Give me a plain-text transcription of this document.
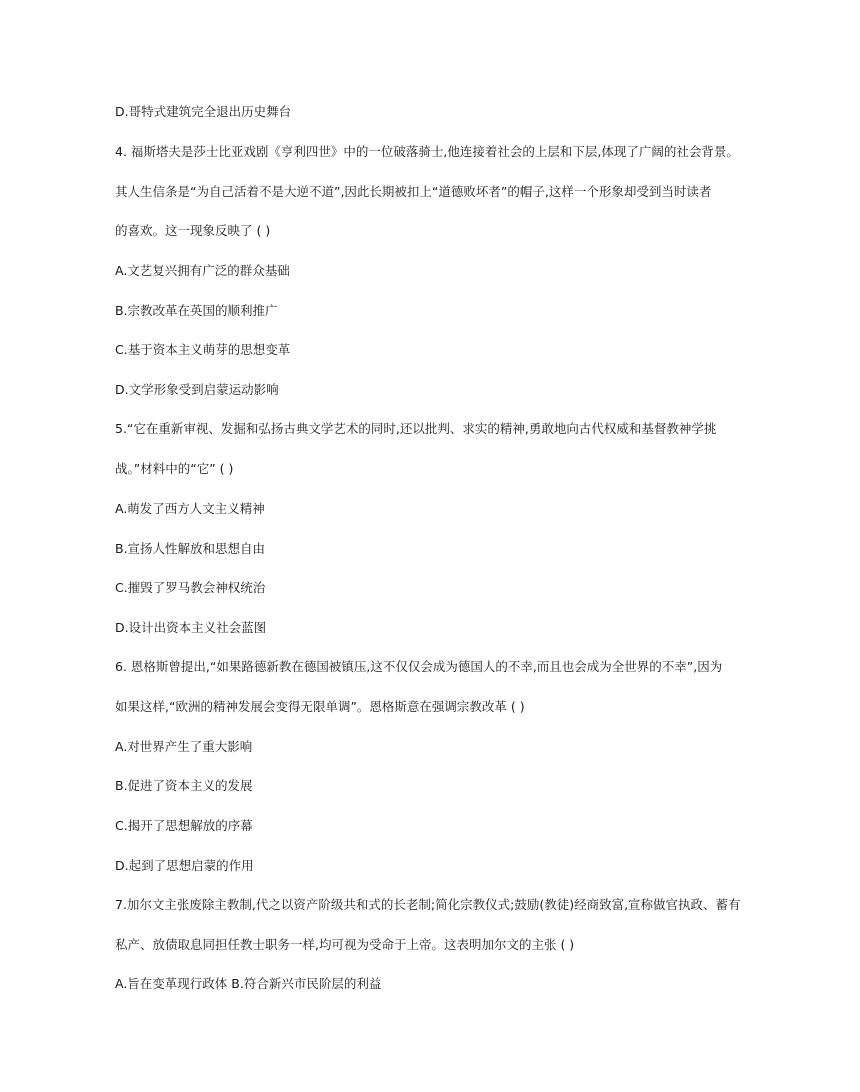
D.哥特式建筑完全退出历史舞台
4. 福斯塔夫是莎士比亚戏剧《亨利四世》中的一位破落骑士,他连接着社会的上层和下层,体现了广阔的社会背景。
其人生信条是“为自己活着不是大逆不道”,因此长期被扣上“道德败坏者”的帽子,这样一个形象却受到当时读者
的喜欢。这一现象反映了 ( )
A.文艺复兴拥有广泛的群众基础
B.宗教改革在英国的顺利推广
C.基于资本主义萌芽的思想变革
D.文学形象受到启蒙运动影响
5.“它在重新审视、发掘和弘扬古典文学艺术的同时,还以批判、求实的精神,勇敢地向古代权威和基督教神学挑
战。”材料中的“它” ( )
A.萌发了西方人文主义精神
B.宣扬人性解放和思想自由
C.摧毁了罗马教会神权统治
D.设计出资本主义社会蓝图
6. 恩格斯曾提出,“如果路德新教在德国被镇压,这不仅仅会成为德国人的不幸,而且也会成为全世界的不幸”,因为
如果这样,“欧洲的精神发展会变得无限单调”。恩格斯意在强调宗教改革 ( )
A.对世界产生了重大影响
B.促进了资本主义的发展
C.揭开了思想解放的序幕
D.起到了思想启蒙的作用
7.加尔文主张废除主教制,代之以资产阶级共和式的长老制;简化宗教仪式;鼓励(教徒)经商致富,宣称做官执政、蓄有
私产、放债取息同担任教士职务一样,均可视为受命于上帝。这表明加尔文的主张 ( )
A.旨在变革现行政体 B.符合新兴市民阶层的利益
